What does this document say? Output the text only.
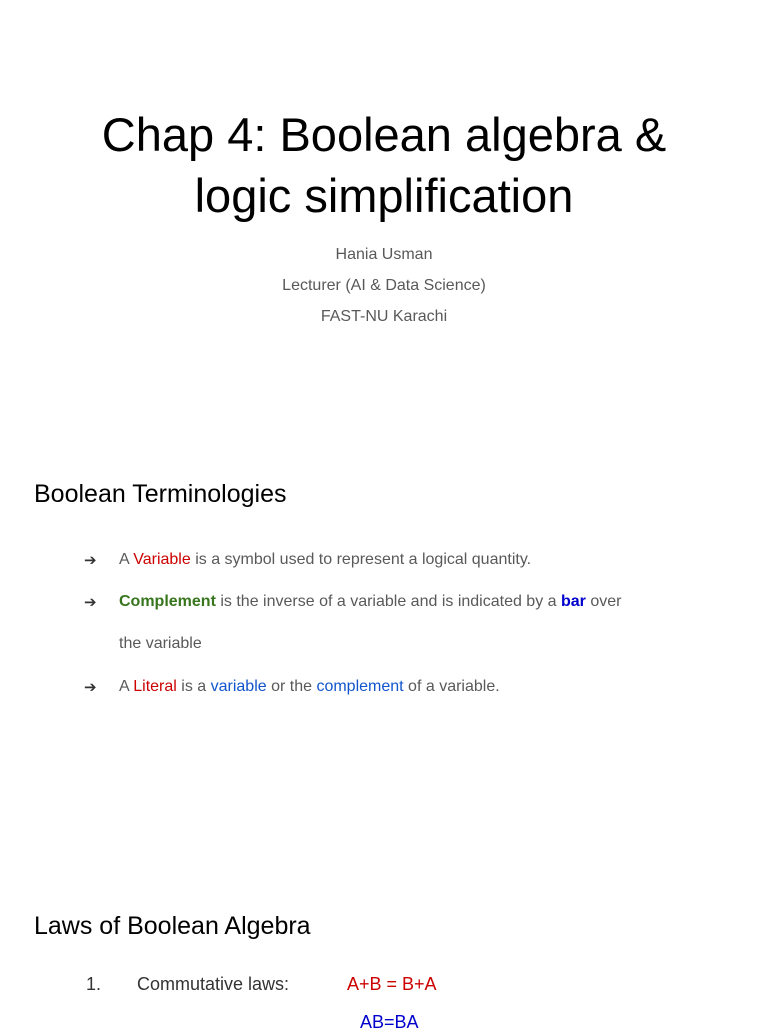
Chap 4: Boolean algebra &
logic simplification
Hania Usman
Lecturer (AI & Data Science)
FAST-NU Karachi
Boolean Terminologies
➔	A Variable is a symbol used to represent a logical quantity.
➔	Complement is the inverse of a variable and is indicated by a bar over
the variable
➔	A Literal is a variable or the complement of a variable.
Laws of Boolean Algebra
1. Commutative laws:	A+B = B+A
AB=BA
